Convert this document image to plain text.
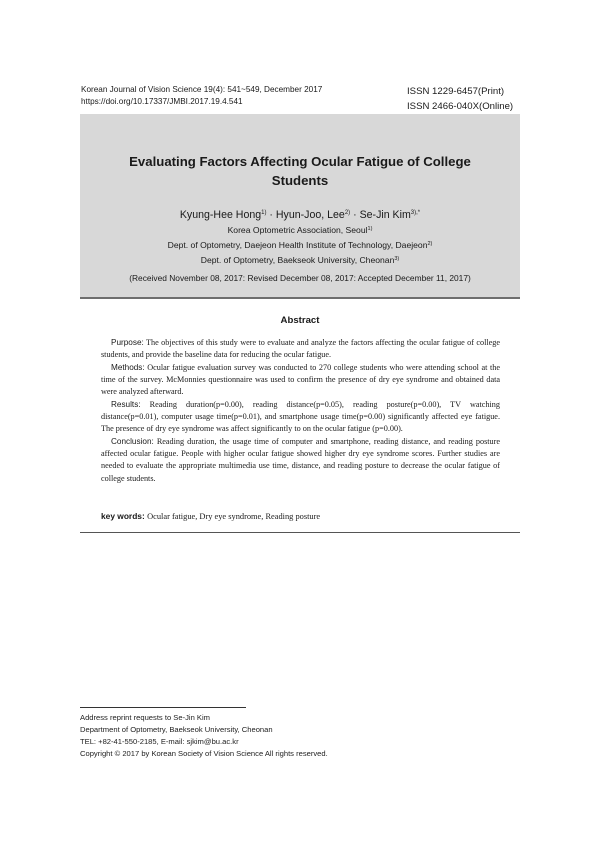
Korean Journal of Vision Science 19(4): 541~549, December 2017
https://doi.org/10.17337/JMBI.2017.19.4.541
ISSN 1229-6457(Print)
ISSN 2466-040X(Online)
Evaluating Factors Affecting Ocular Fatigue of College
Students
Kyung-Hee Hong$^{1)}$ · Hyun-Joo, Lee$^{2)}$ · Se-Jin Kim$^{3),*}$
Korea Optometric Association, Seoul$^{1)}$
Dept. of Optometry, Daejeon Health Institute of Technology, Daejeon$^{2)}$
Dept. of Optometry, Baekseok University, Cheonan$^{3)}$
(Received November 08, 2017: Revised December 08, 2017: Accepted December 11, 2017)
Abstract

Purpose: The objectives of this study were to evaluate and analyze the factors affecting the ocular fatigue of college students, and provide the baseline data for reducing the ocular fatigue.

Methods: Ocular fatigue evaluation survey was conducted to 270 college students who were attending school at the time of the survey. McMonnies questionnaire was used to confirm the presence of dry eye syndrome and obtained data were analyzed afterward.

Results: Reading duration(p=0.00), reading distance(p=0.05), reading posture(p=0.00), TV watching distance(p=0.01), computer usage time(p=0.01), and smartphone usage time(p=0.00) significantly affected eye fatigue. The presence of dry eye syndrome was affect significantly to on the ocular fatigue (p=0.00).

Conclusion: Reading duration, the usage time of computer and smartphone, reading distance, and reading posture affected ocular fatigue. People with higher ocular fatigue showed higher dry eye syndrome scores. Further studies are needed to evaluate the appropriate multimedia use time, distance, and reading posture to decrease the ocular fatigue of college students.

key words: Ocular fatigue, Dry eye syndrome, Reading posture
Address reprint requests to Se-Jin Kim
Department of Optometry, Baekseok University, Cheonan
TEL: +82-41-550-2185, E-mail: sjkim@bu.ac.kr
Copyright © 2017 by Korean Society of Vision Science All rights reserved.
